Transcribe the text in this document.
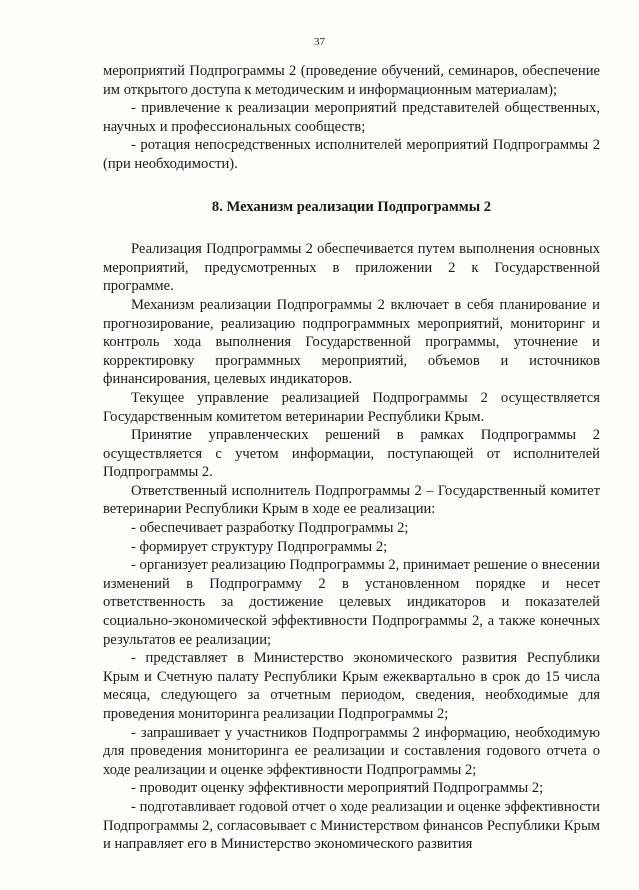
37

мероприятий Подпрограммы 2 (проведение обучений, семинаров, обеспечение им открытого доступа к методическим и информационным материалам);

- привлечение к реализации мероприятий представителей общественных, научных и профессиональных сообществ;

- ротация непосредственных исполнителей мероприятий Подпрограммы 2 (при необходимости).

8. Механизм реализации Подпрограммы 2

Реализация Подпрограммы 2 обеспечивается путем выполнения основных мероприятий, предусмотренных в приложении 2 к Государственной программе.

Механизм реализации Подпрограммы 2 включает в себя планирование и прогнозирование, реализацию подпрограммных мероприятий, мониторинг и контроль хода выполнения Государственной программы, уточнение и корректировку программных мероприятий, объемов и источников финансирования, целевых индикаторов.

Текущее управление реализацией Подпрограммы 2 осуществляется Государственным комитетом ветеринарии Республики Крым.

Принятие управленческих решений в рамках Подпрограммы 2 осуществляется с учетом информации, поступающей от исполнителей Подпрограммы 2.

Ответственный исполнитель Подпрограммы 2 – Государственный комитет ветеринарии Республики Крым в ходе ее реализации:

- обеспечивает разработку Подпрограммы 2;

- формирует структуру Подпрограммы 2;

- организует реализацию Подпрограммы 2, принимает решение о внесении изменений в Подпрограмму 2 в установленном порядке и несет ответственность за достижение целевых индикаторов и показателей социально-экономической эффективности Подпрограммы 2, а также конечных результатов ее реализации;

- представляет в Министерство экономического развития Республики Крым и Счетную палату Республики Крым ежеквартально в срок до 15 числа месяца, следующего за отчетным периодом, сведения, необходимые для проведения мониторинга реализации Подпрограммы 2;

- запрашивает у участников Подпрограммы 2 информацию, необходимую для проведения мониторинга ее реализации и составления годового отчета о ходе реализации и оценке эффективности Подпрограммы 2;

- проводит оценку эффективности мероприятий Подпрограммы 2;

- подготавливает годовой отчет о ходе реализации и оценке эффективности Подпрограммы 2, согласовывает с Министерством финансов Республики Крым и направляет его в Министерство экономического развития
